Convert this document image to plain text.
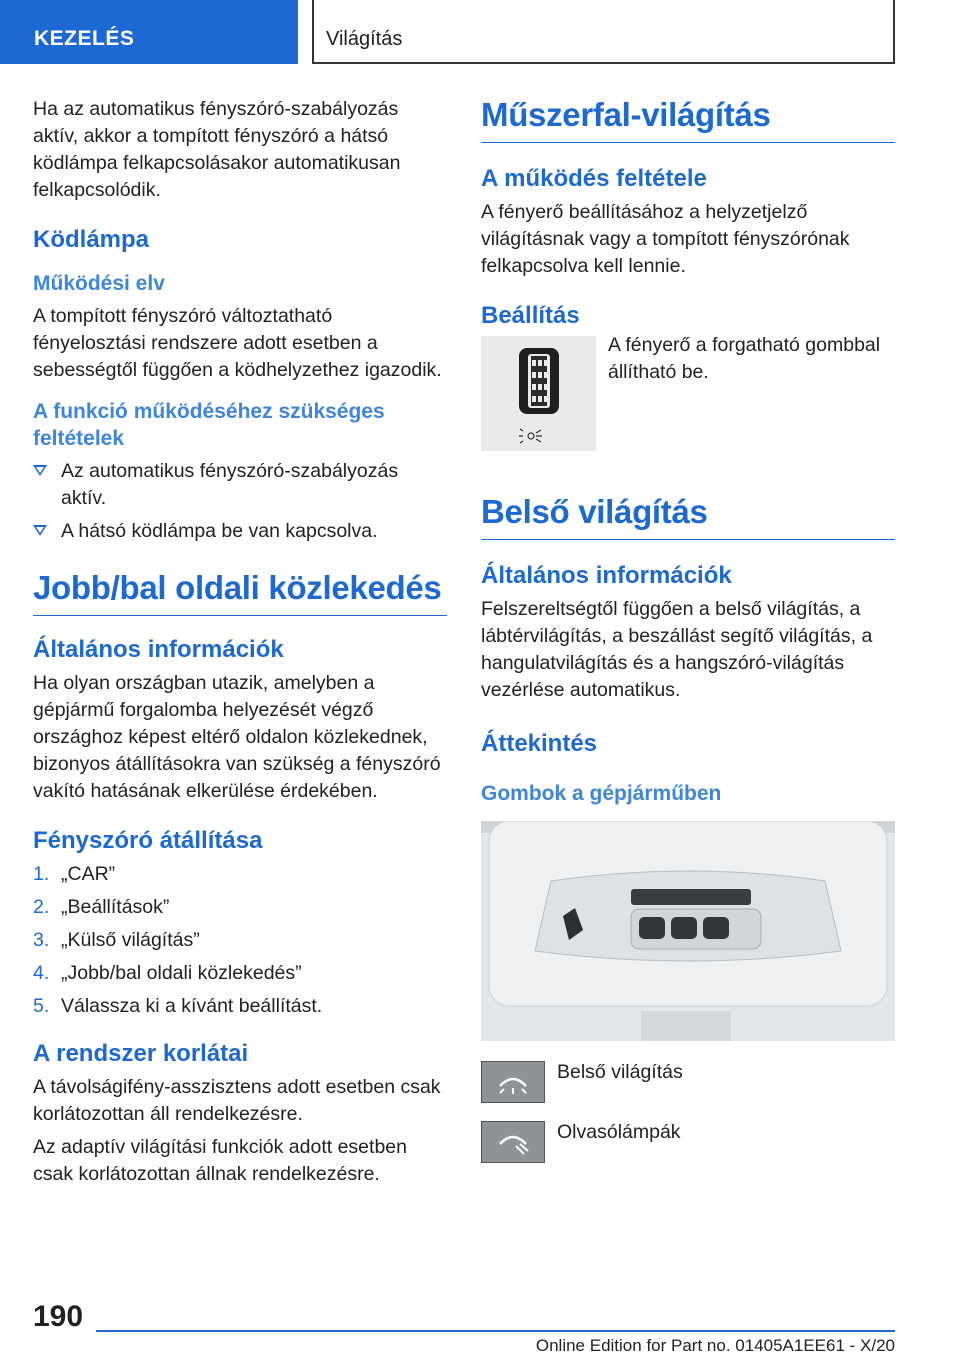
KEZELÉS	Világítás

Ha az automatikus fényszóró-szabályozás aktív, akkor a tompított fényszóró a hátsó ködlámpa felkapcsolásakor automatikusan felkapcsolódik.

Ködlámpa
Működési elv

A tompított fényszóró változtatható fényelosztási rendszere adott esetben a sebességtől függően a ködhelyzethez igazodik.

A funkció működéséhez szükséges feltételek
Az automatikus fényszóró-szabályozás aktív.
A hátsó ködlámpa be van kapcsolva.
Jobb/bal oldali közlekedés
Általános információk

Ha olyan országban utazik, amelyben a gépjármű forgalomba helyezését végző országhoz képest eltérő oldalon közlekednek, bizonyos átállításokra van szükség a fényszóró vakító hatásának elkerülése érdekében.

Fényszóró átállítása
1. „CAR”
2. „Beállítások”
3. „Külső világítás”
4. „Jobb/bal oldali közlekedés”
5. Válassza ki a kívánt beállítást.
A rendszer korlátai

A távolságifény-asszisztens adott esetben csak korlátozottan áll rendelkezésre.

Az adaptív világítási funkciók adott esetben csak korlátozottan állnak rendelkezésre.

Műszerfal-világítás
A működés feltétele

A fényerő beállításához a helyzetjelző világításnak vagy a tompított fényszórónak felkapcsolva kell lennie.

Beállítás

A fényerő a forgatható gombbal állítható be.

Belső világítás
Általános információk

Felszereltségtől függően a belső világítás, a lábtérvilágítás, a beszállást segítő világítás, a hangulatvilágítás és a hangszóró-világítás vezérlése automatikus.

Áttekintés
Gombok a gépjárműben

Belső világítás

Olvasólámpák

190
Online Edition for Part no. 01405A1EE61 - X/20
